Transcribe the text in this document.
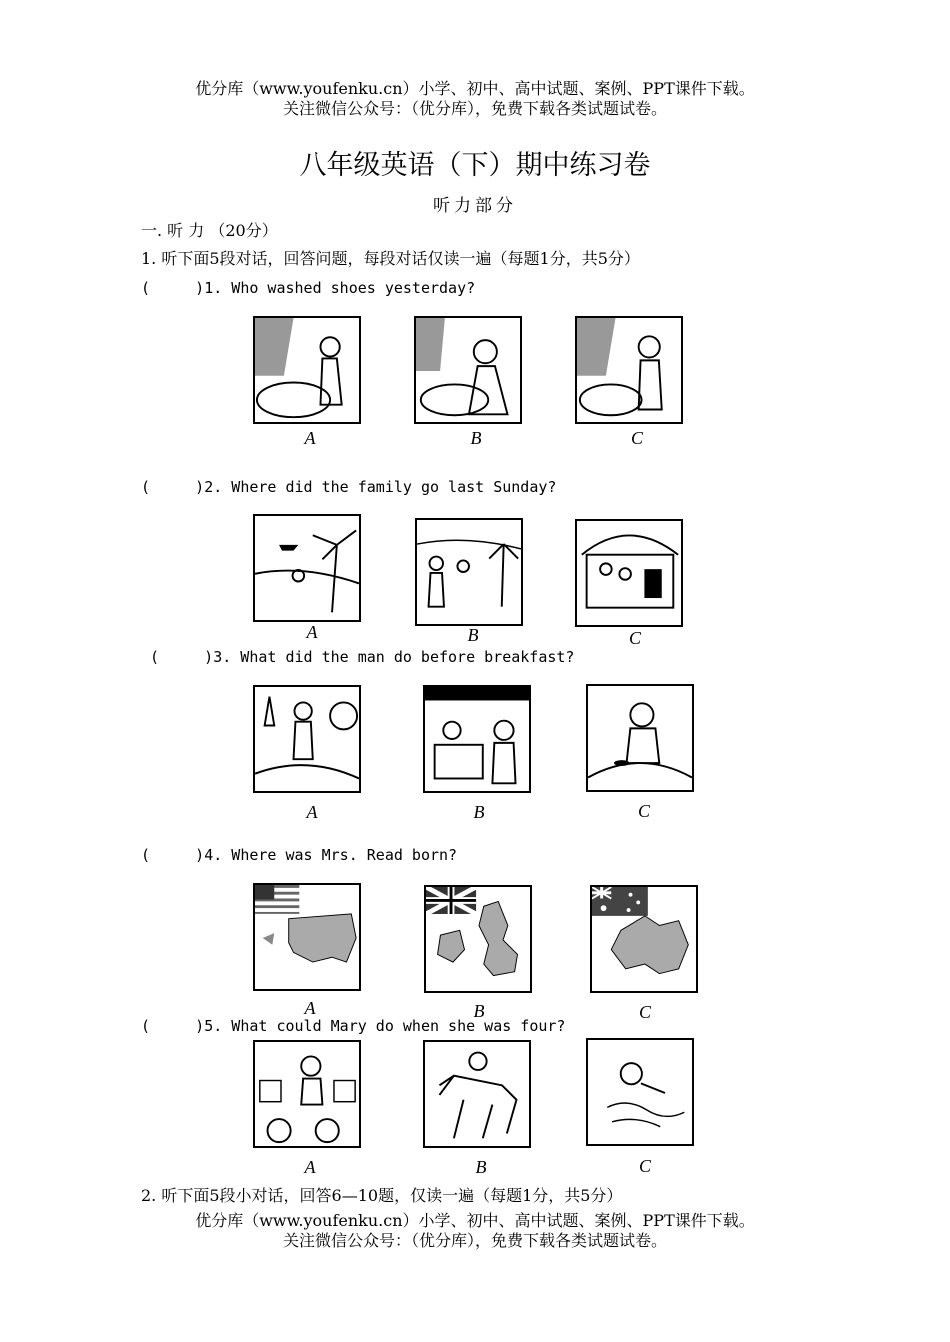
优分库（www.youfenku.cn）小学、初中、高中试题、案例、PPT课件下载。
关注微信公众号：（优分库），免费下载各类试题试卷。
八年级英语（下）期中练习卷
听力部分
一. 听 力 （20分）
1. 听下面5段对话，回答问题，每段对话仅读一遍（每题1分，共5分）
(     )1. Who washed shoes yesterday?
A	B	C
(     )2. Where did the family go last Sunday?
A	B	C
(     )3. What did the man do before breakfast?
A	B	C
(     )4. Where was Mrs. Read born?
A	B	C
(     )5. What could Mary do when she was four?
A	B	C
2. 听下面5段小对话，回答6—10题，仅读一遍（每题1分，共5分）
优分库（www.youfenku.cn）小学、初中、高中试题、案例、PPT课件下载。
关注微信公众号：（优分库），免费下载各类试题试卷。
